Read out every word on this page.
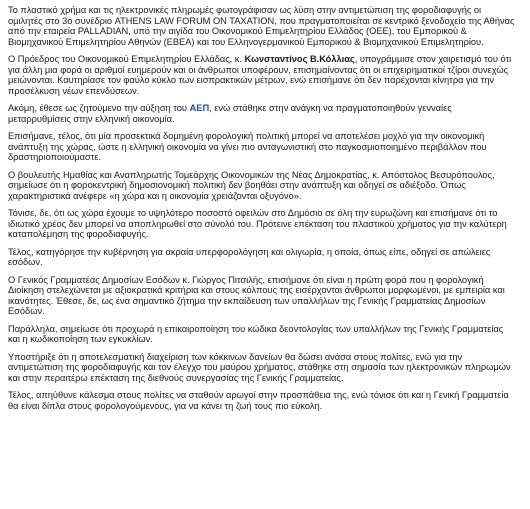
Το πλαστικό χρήμα και τις ηλεκτρονικές πληρωμές φωτογράφισαν ως λύση στην αντιμετώπιση της φοροδιαφυγής οι ομιλητές στο 3ο συνέδριο ATHENS LAW FORUM ON TAXATION, που πραγματοποιείται σε κεντρικό ξενοδοχείο της Αθήνας από την εταιρεία PALLADIAN, υπό την αιγίδα του Οικονομικού Επιμελητηρίου Ελλάδος (ΟΕΕ), του Εμπορικού & Βιομηχανικού Επιμελητηρίου Αθηνών (ΕΒΕΑ) και του Ελληνογερμανικού Εμπορικού & Βιομηχανικού Επιμελητηρίου.

Ο Πρόεδρος του Οικονομικού Επιμελητηρίου Ελλάδας, κ. Κωνσταντίνος Β.Κόλλιας, υπογράμμισε στον χαιρετισμό του ότι για άλλη μια φορά οι αριθμοί ευημερούν και οι άνθρωποι υποφέρουν, επισημαίνοντας ότι οι επιχειρηματικοί τζίροι συνεχώς μειώνονται. Καυτηρίασε τον φαύλο κύκλο των εισπρακτικών μέτρων, ενώ επισήμανε ότι δεν παρέχονται κίνητρα για την προσέλκυση νέων επενδύσεων.

Ακόμη, έθεσε ως ζητούμενο την αύξηση του ΑΕΠ, ενώ στάθηκε στην ανάγκη να πραγματοποιηθούν γενναίες μεταρρυθμίσεις στην ελληνική οικονομία.

Επισήμανε, τέλος, ότι μία προσεκτικά δομημένη φορολογική πολιτική μπορεί να αποτελέσει μοχλό για την οικονομική ανάπτυξη της χώρας, ώστε η ελληνική οικονομία να γίνει πιο ανταγωνιστική στο παγκοσμιοποιημένο περιβάλλον που δραστηριοποιούμαστε.

Ο βουλευτής Ημαθίας και Αναπληρωτής Τομεάρχης Οικονομικών της Νέας Δημοκρατίας, κ. Απόστολος Βεσυρόπουλος, σημείωσε ότι η φοροκεντρική δημοσιονομική πολιτική δεν βοηθάει στην ανάπτυξη και οδηγεί σε αδιέξοδο. Όπως χαρακτηριστικά ανέφερε «η χώρα και η οικονομία χρειάζονται οξυγόνο».

Τόνισε, δε, ότι ως χώρα έχουμε το υψηλότερο ποσοστό οφειλών στο Δημόσιο σε όλη την ευρωζώνη και επισήμανε ότι το ιδιωτικό χρέος δεν μπορεί να αποπληρωθεί στο σύνολό του. Πρότεινε επέκταση του πλαστικού χρήματος για την καλύτερη καταπολέμηση της φοροδιαφυγής.

Τέλος, κατηγόρησε την κυβέρνηση για ακραία υπερφορολόγηση και ολιγωρία, η οποία, όπως είπε, οδηγεί σε απώλειες εσόδων.

Ο Γενικός Γραμματέας Δημοσίων Εσόδων κ. Γιώργος Πιτσιλής, επισήμανε ότι είναι η πρώτη φορά που η φορολογική Διοίκηση στελεχώνεται με αξιοκρατικά κριτήρια και στους κόλπους της εισέρχονται άνθρωποι μορφωμένοι, με εμπειρία και ικανότητες. Έθεσε, δε, ως ένα σημαντικό ζήτημα την εκπαίδευση των υπαλλήλων της Γενικής Γραμματείας Δημοσίων Εσόδων.

Παράλληλα, σημείωσε ότι προχωρά η επικαιροποίηση του κώδικα δεοντολογίας των υπαλλήλων της Γενικής Γραμματείας και η κωδικοποίηση των εγκυκλίων.

Υποστήριξε ότι η αποτελεσματική διαχείριση των κόκκινων δανείων θα δώσει ανάσα στους πολίτες, ενώ για την αντιμετώπιση της φοροδιαφυγής και τον έλεγχο του μαύρου χρήματος, στάθηκε στη σημασία των ηλεκτρονικών πληρωμών και στην περαιτέρω επέκταση της διεθνούς συνεργασίας της Γενικής Γραμματείας.

Τέλος, απηύθυνε κάλεσμα στους πολίτες να σταθούν αρωγοί στην προσπάθεια της, ενώ τόνισε ότι και η Γενική Γραμματεία θα είναι δίπλα στους φορολογούμενους, για να κάνει τη ζωή τους πιο εύκολη.
